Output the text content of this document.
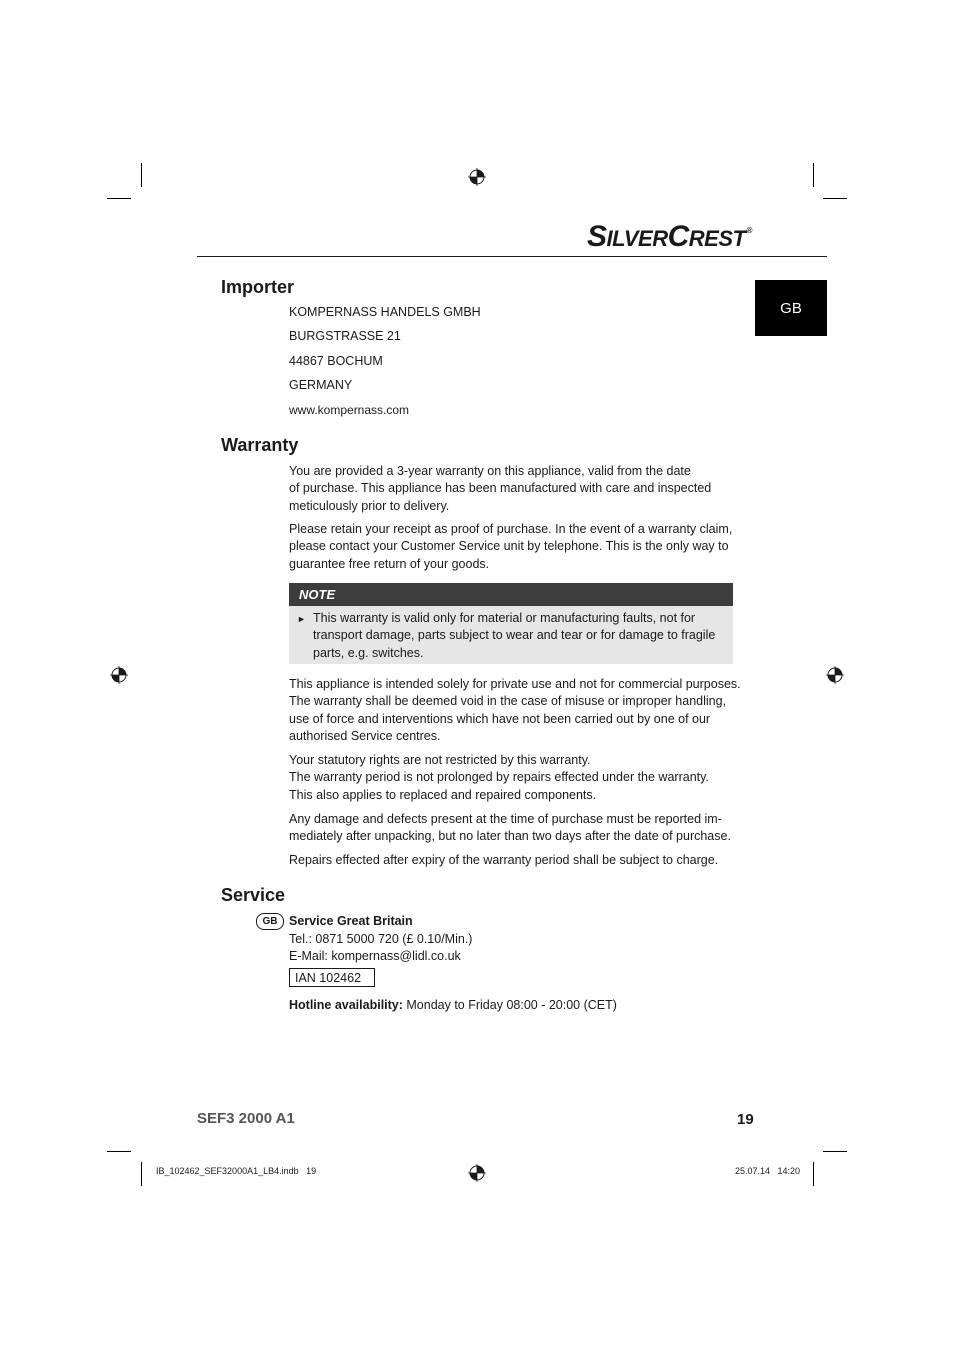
SILVERCREST®
GB
Importer
KOMPERNASS HANDELS GMBH
BURGSTRASSE 21
44867 BOCHUM
GERMANY
www.kompernass.com
Warranty
You are provided a 3-year warranty on this appliance, valid from the date
of purchase. This appliance has been manufactured with care and inspected
meticulously prior to delivery.
Please retain your receipt as proof of purchase. In the event of a warranty claim,
please contact your Customer Service unit by telephone. This is the only way to
guarantee free return of your goods.
NOTE
► This warranty is valid only for material or manufacturing faults, not for
transport damage, parts subject to wear and tear or for damage to fragile
parts, e.g. switches.
This appliance is intended solely for private use and not for commercial purposes.
The warranty shall be deemed void in the case of misuse or improper handling,
use of force and interventions which have not been carried out by one of our
authorised Service centres.
Your statutory rights are not restricted by this warranty.
The warranty period is not prolonged by repairs effected under the warranty.
This also applies to replaced and repaired components.
Any damage and defects present at the time of purchase must be reported im-
mediately after unpacking, but no later than two days after the date of purchase.
Repairs effected after expiry of the warranty period shall be subject to charge.
Service
GB Service Great Britain
Tel.: 0871 5000 720 (£ 0.10/Min.)
E-Mail: kompernass@lidl.co.uk
IAN 102462
Hotline availability: Monday to Friday 08:00 - 20:00 (CET)
SEF3 2000 A1	19
IB_102462_SEF32000A1_LB4.indb   19	25.07.14   14:20
